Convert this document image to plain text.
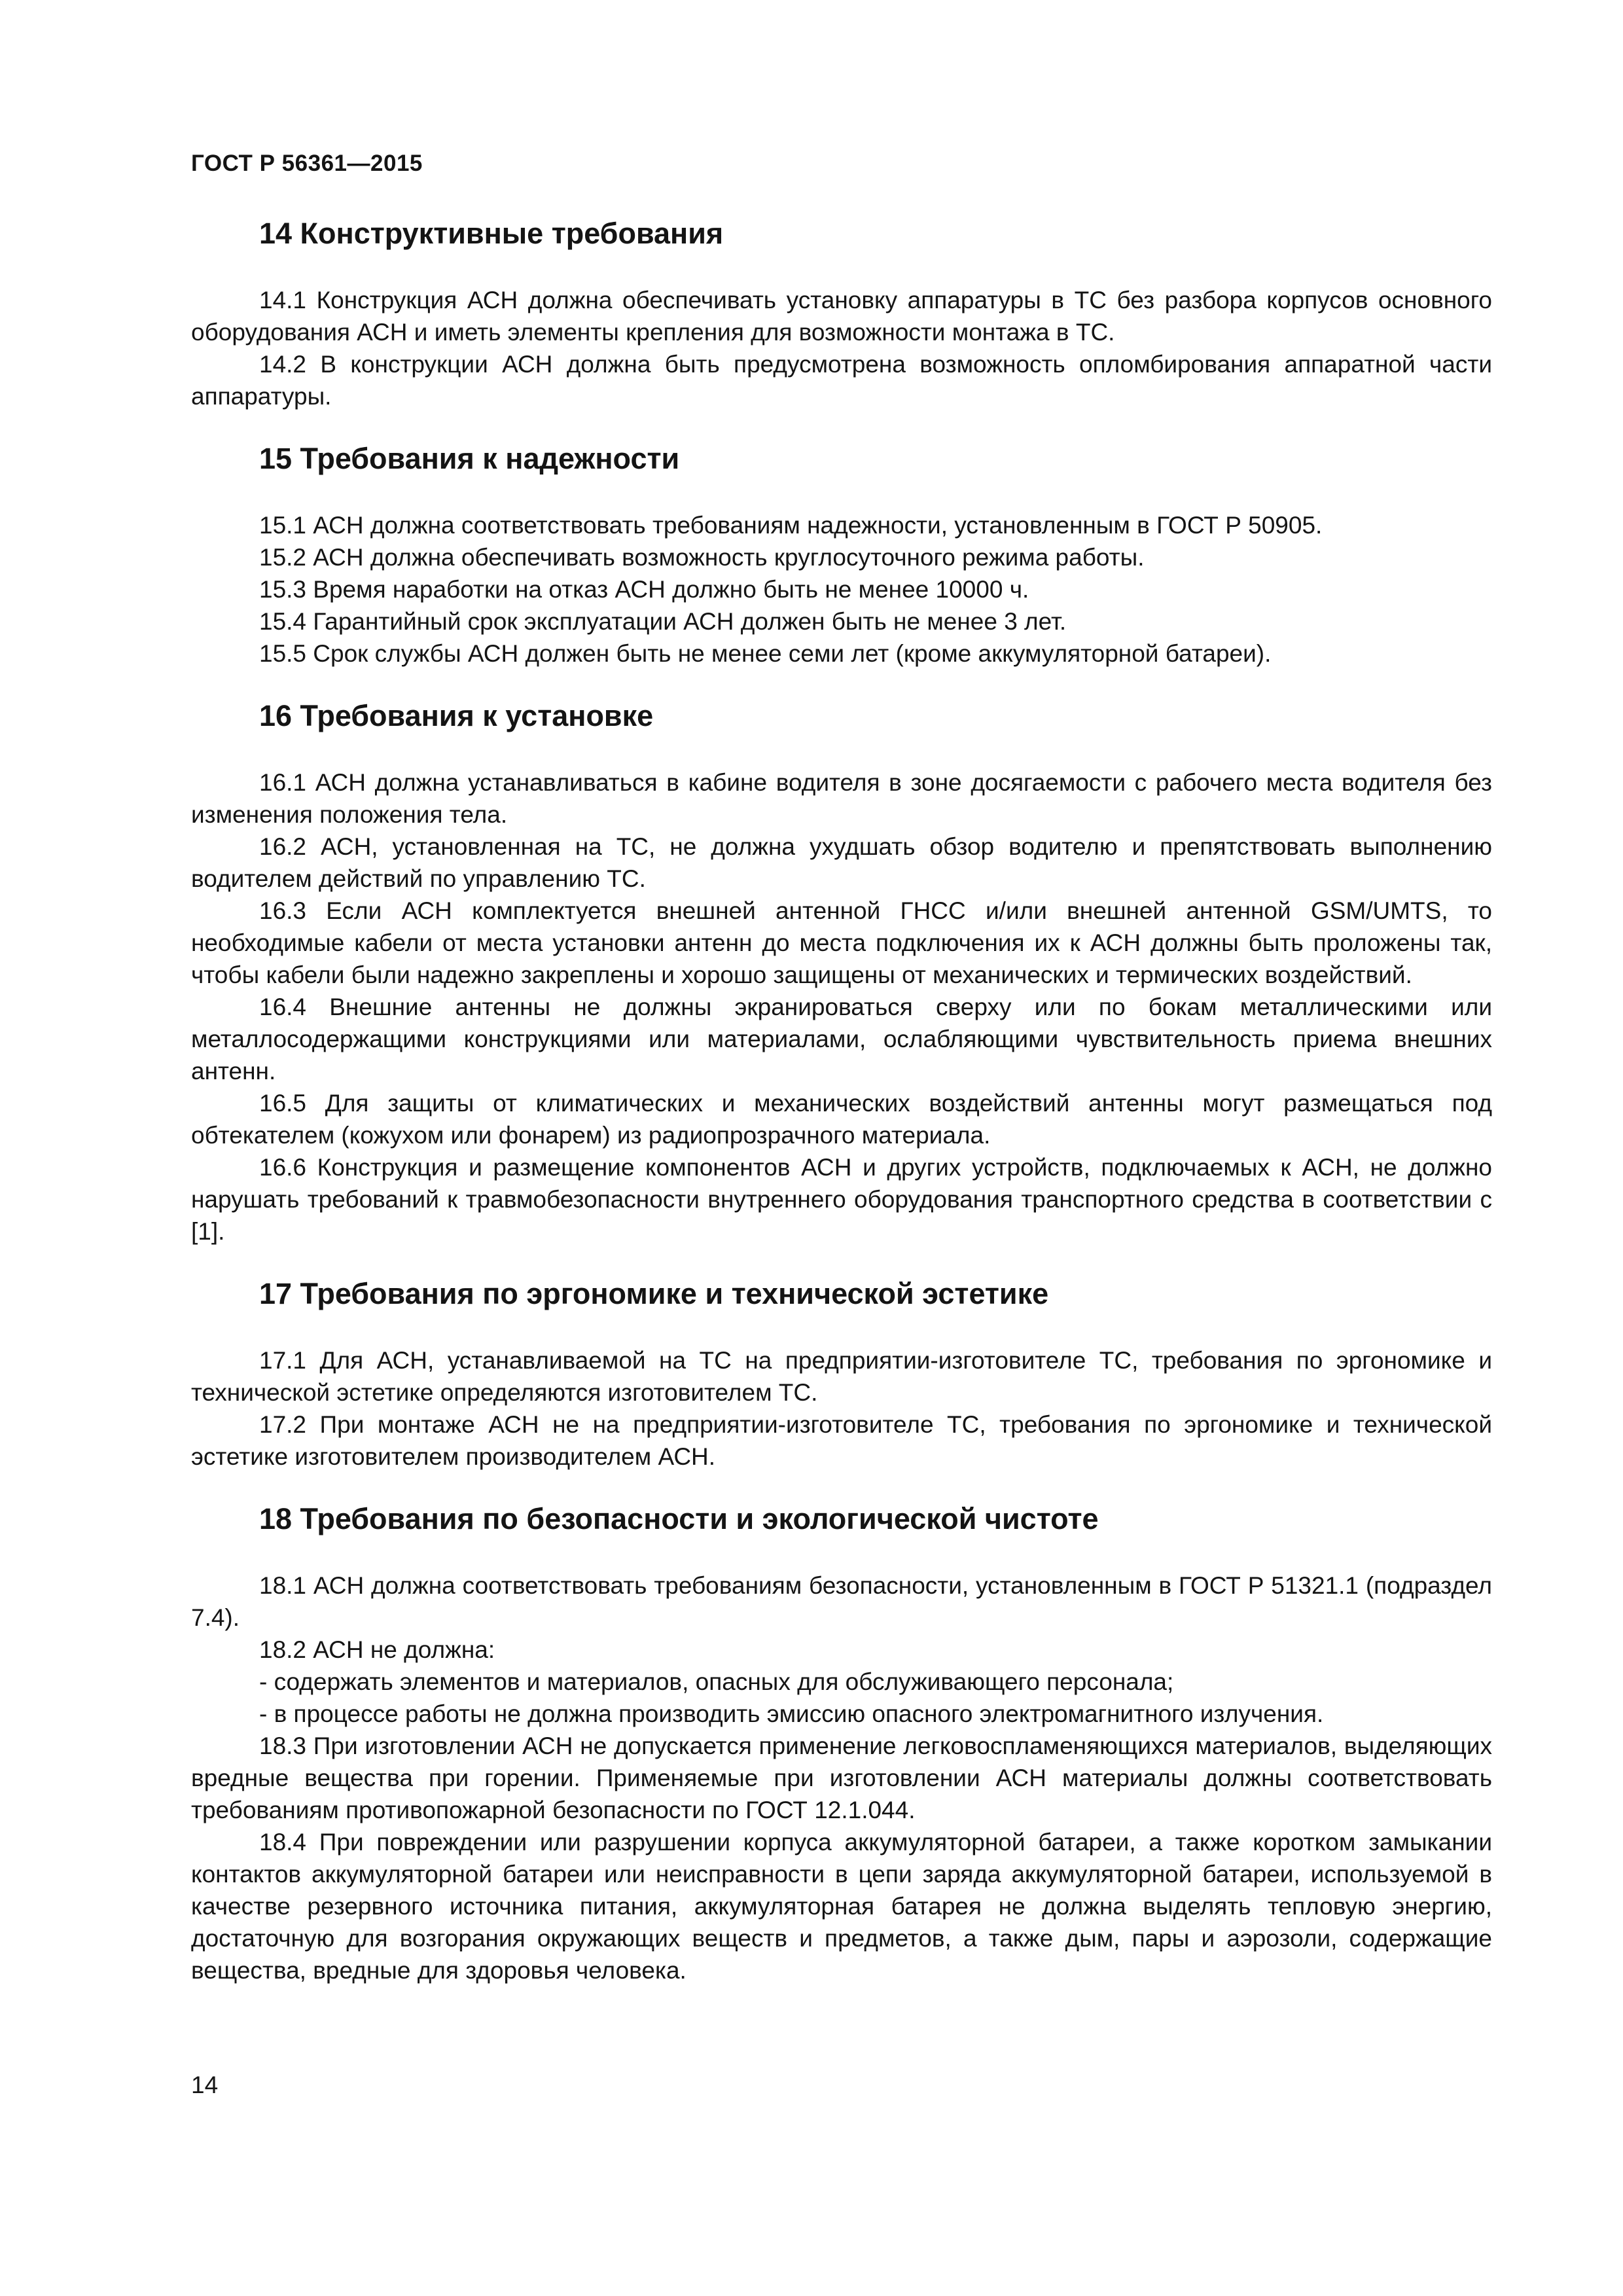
ГОСТ Р 56361—2015
14 Конструктивные требования

14.1 Конструкция АСН должна обеспечивать установку аппаратуры в ТС без разбора корпусов основного оборудования АСН и иметь элементы крепления для возможности монтажа в ТС.

14.2 В конструкции АСН должна быть предусмотрена возможность опломбирования аппаратной части аппаратуры.

15 Требования к надежности

15.1 АСН должна соответствовать требованиям надежности, установленным в ГОСТ Р 50905.

15.2 АСН должна обеспечивать возможность круглосуточного режима работы.

15.3 Время наработки на отказ АСН должно быть не менее 10000 ч.

15.4 Гарантийный срок эксплуатации АСН должен быть не менее 3 лет.

15.5 Срок службы АСН должен быть не менее семи лет (кроме аккумуляторной батареи).

16 Требования к установке

16.1 АСН должна устанавливаться в кабине водителя в зоне досягаемости с рабочего места водителя без изменения положения тела.

16.2 АСН, установленная на ТС, не должна ухудшать обзор водителю и препятствовать выполнению водителем действий по управлению ТС.

16.3 Если АСН комплектуется внешней антенной ГНСС и/или внешней антенной GSM/UMTS, то необходимые кабели от места установки антенн до места подключения их к АСН должны быть проложены так, чтобы кабели были надежно закреплены и хорошо защищены от механических и термических воздействий.

16.4 Внешние антенны не должны экранироваться сверху или по бокам металлическими или металлосодержащими конструкциями или материалами, ослабляющими чувствительность приема внешних антенн.

16.5 Для защиты от климатических и механических воздействий антенны могут размещаться под обтекателем (кожухом или фонарем) из радиопрозрачного материала.

16.6 Конструкция и размещение компонентов АСН и других устройств, подключаемых к АСН, не должно нарушать требований к травмобезопасности внутреннего оборудования транспортного средства в соответствии с [1].

17 Требования по эргономике и технической эстетике

17.1 Для АСН, устанавливаемой на ТС на предприятии-изготовителе ТС, требования по эргономике и технической эстетике определяются изготовителем ТС.

17.2 При монтаже АСН не на предприятии-изготовителе ТС, требования по эргономике и технической эстетике изготовителем производителем АСН.

18 Требования по безопасности и экологической чистоте

18.1 АСН должна соответствовать требованиям безопасности, установленным в ГОСТ Р 51321.1 (подраздел 7.4).

18.2 АСН не должна:

- содержать элементов и материалов, опасных для обслуживающего персонала;

- в процессе работы не должна производить эмиссию опасного электромагнитного излучения.

18.3 При изготовлении АСН не допускается применение легковоспламеняющихся материалов, выделяющих вредные вещества при горении. Применяемые при изготовлении АСН материалы должны соответствовать требованиям противопожарной безопасности по ГОСТ 12.1.044.

18.4 При повреждении или разрушении корпуса аккумуляторной батареи, а также коротком замыкании контактов аккумуляторной батареи или неисправности в цепи заряда аккумуляторной батареи, используемой в качестве резервного источника питания, аккумуляторная батарея не должна выделять тепловую энергию, достаточную для возгорания окружающих веществ и предметов, а также дым, пары и аэрозоли, содержащие вещества, вредные для здоровья человека.

14
